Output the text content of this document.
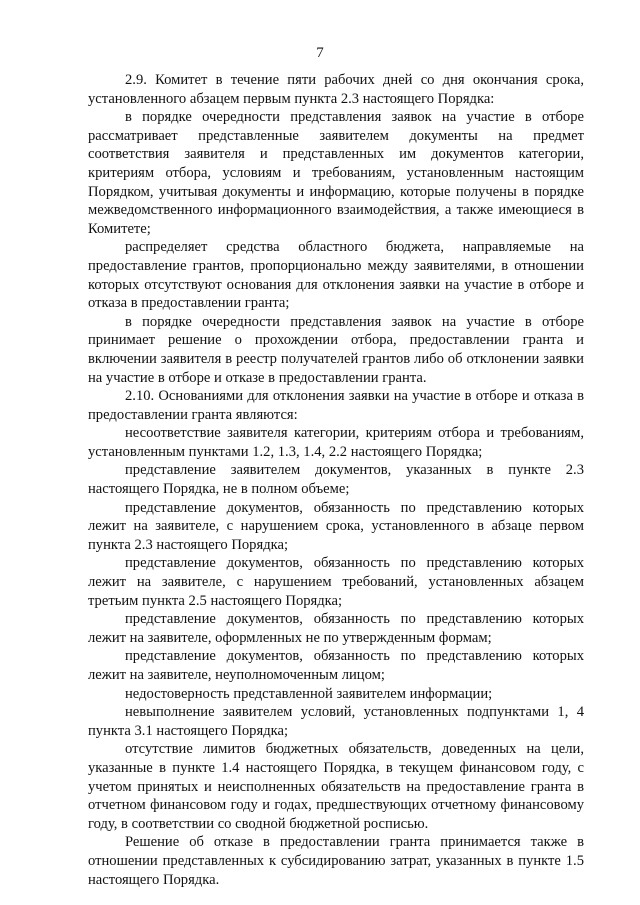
7

2.9. Комитет в течение пяти рабочих дней со дня окончания срока, установленного абзацем первым пункта 2.3 настоящего Порядка:

в порядке очередности представления заявок на участие в отборе рассматривает представленные заявителем документы на предмет соответствия заявителя и представленных им документов категории, критериям отбора, условиям и требованиям, установленным настоящим Порядком, учитывая документы и информацию, которые получены в порядке межведомственного информационного взаимодействия, а также имеющиеся в Комитете;

распределяет средства областного бюджета, направляемые на предоставление грантов, пропорционально между заявителями, в отношении которых отсутствуют основания для отклонения заявки на участие в отборе и отказа в предоставлении гранта;

в порядке очередности представления заявок на участие в отборе принимает решение о прохождении отбора, предоставлении гранта и включении заявителя в реестр получателей грантов либо об отклонении заявки на участие в отборе и отказе в предоставлении гранта.

2.10. Основаниями для отклонения заявки на участие в отборе и отказа в предоставлении гранта являются:

несоответствие заявителя категории, критериям отбора и требованиям, установленным пунктами 1.2, 1.3, 1.4, 2.2 настоящего Порядка;

представление заявителем документов, указанных в пункте 2.3 настоящего Порядка, не в полном объеме;

представление документов, обязанность по представлению которых лежит на заявителе, с нарушением срока, установленного в абзаце первом пункта 2.3 настоящего Порядка;

представление документов, обязанность по представлению которых лежит на заявителе, с нарушением требований, установленных абзацем третьим пункта 2.5 настоящего Порядка;

представление документов, обязанность по представлению которых лежит на заявителе, оформленных не по утвержденным формам;

представление документов, обязанность по представлению которых лежит на заявителе, неуполномоченным лицом;

недостоверность представленной заявителем информации;

невыполнение заявителем условий, установленных подпунктами 1, 4 пункта 3.1 настоящего Порядка;

отсутствие лимитов бюджетных обязательств, доведенных на цели, указанные в пункте 1.4 настоящего Порядка, в текущем финансовом году, с учетом принятых и неисполненных обязательств на предоставление гранта в отчетном финансовом году и годах, предшествующих отчетному финансовому году, в соответствии со сводной бюджетной росписью.

Решение об отказе в предоставлении гранта принимается также в отношении представленных к субсидированию затрат, указанных в пункте 1.5 настоящего Порядка.
